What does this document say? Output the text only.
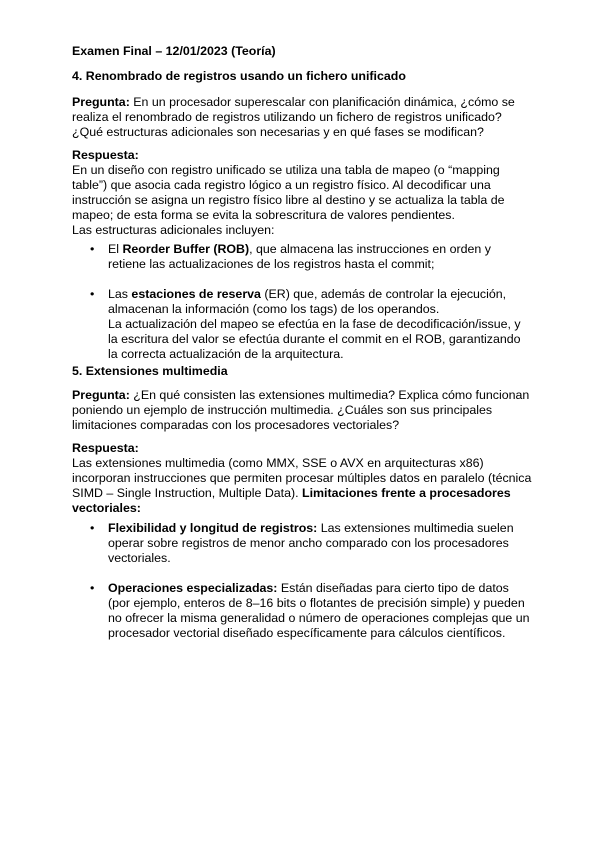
Examen Final – 12/01/2023 (Teoría)

4. Renombrado de registros usando un fichero unificado

Pregunta: En un procesador superescalar con planificación dinámica, ¿cómo se realiza el renombrado de registros utilizando un fichero de registros unificado? ¿Qué estructuras adicionales son necesarias y en qué fases se modifican?

Respuesta:
En un diseño con registro unificado se utiliza una tabla de mapeo (o “mapping table”) que asocia cada registro lógico a un registro físico. Al decodificar una instrucción se asigna un registro físico libre al destino y se actualiza la tabla de mapeo; de esta forma se evita la sobrescritura de valores pendientes.
Las estructuras adicionales incluyen:

• El Reorder Buffer (ROB), que almacena las instrucciones en orden y retiene las actualizaciones de los registros hasta el commit;
• Las estaciones de reserva (ER) que, además de controlar la ejecución, almacenan la información (como los tags) de los operandos.
La actualización del mapeo se efectúa en la fase de decodificación/issue, y la escritura del valor se efectúa durante el commit en el ROB, garantizando la correcta actualización de la arquitectura.

5. Extensiones multimedia

Pregunta: ¿En qué consisten las extensiones multimedia? Explica cómo funcionan poniendo un ejemplo de instrucción multimedia. ¿Cuáles son sus principales limitaciones comparadas con los procesadores vectoriales?

Respuesta:
Las extensiones multimedia (como MMX, SSE o AVX en arquitecturas x86) incorporan instrucciones que permiten procesar múltiples datos en paralelo (técnica SIMD – Single Instruction, Multiple Data). Limitaciones frente a procesadores vectoriales:

• Flexibilidad y longitud de registros: Las extensiones multimedia suelen operar sobre registros de menor ancho comparado con los procesadores vectoriales.
• Operaciones especializadas: Están diseñadas para cierto tipo de datos (por ejemplo, enteros de 8–16 bits o flotantes de precisión simple) y pueden no ofrecer la misma generalidad o número de operaciones complejas que un procesador vectorial diseñado específicamente para cálculos científicos.
